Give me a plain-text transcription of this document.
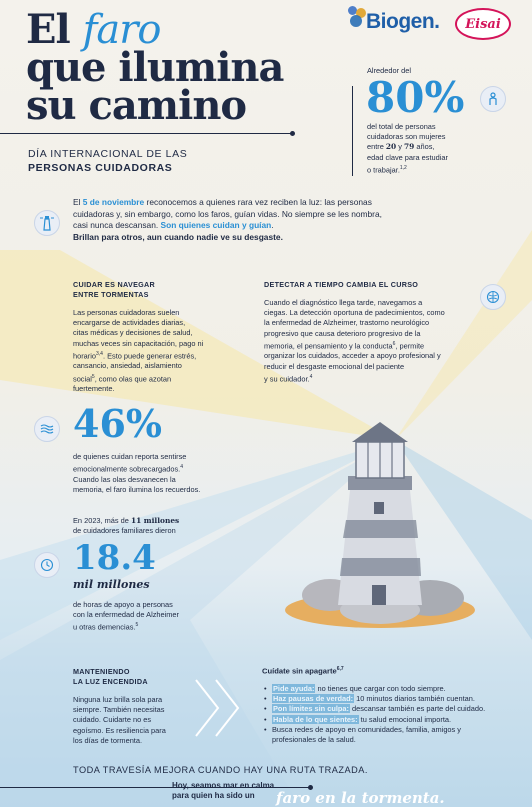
El faro
que ilumina
su camino
Biogen. Eisai
DÍA INTERNACIONAL DE LAS
PERSONAS CUIDADORAS
Alrededor del
80%
del total de personas
cuidadoras son mujeres
entre 20 y 79 años,
edad clave para estudiar
o trabajar.$^{1,2}$
El 5 de noviembre reconocemos a quienes rara vez reciben la luz: las personas
cuidadoras y, sin embargo, como los faros, guían vidas. No siempre se les nombra,
casi nunca descansan. Son quienes cuidan y guían.
Brillan para otros, aun cuando nadie ve su desgaste.
CUIDAR ES NAVEGAR
ENTRE TORMENTAS
Las personas cuidadoras suelen
encargarse de actividades diarias,
citas médicas y decisiones de salud,
muchas veces sin capacitación, pago ni
horario$^{3,4}$. Esto puede generar estrés,
cansancio, ansiedad, aislamiento
social$^5$, como olas que azotan
fuertemente.
DETECTAR A TIEMPO CAMBIA EL CURSO
Cuando el diagnóstico llega tarde, navegamos a
ciegas. La detección oportuna de padecimientos, como
la enfermedad de Alzheimer, trastorno neurológico
progresivo que causa deterioro progresivo de la
memoria, el pensamiento y la conducta$^6$, permite
organizar los cuidados, acceder a apoyo profesional y
reducir el desgaste emocional del paciente
y su cuidador.$^4$
46%
de quienes cuidan reporta sentirse
emocionalmente sobrecargados.$^4$
Cuando las olas desvanecen la
memoria, el faro ilumina los recuerdos.
En 2023, más de 11 millones
de cuidadores familiares dieron
18.4
mil millones
de horas de apoyo a personas
con la enfermedad de Alzheimer
u otras demencias.$^5$
MANTENIENDO
LA LUZ ENCENDIDA
Ninguna luz brilla sola para
siempre. También necesitas
cuidado. Cuidarte no es
egoísmo. Es resiliencia para
los días de tormenta.
Cuídate sin apagarte$^{6,7}$
• Pide ayuda: no tienes que cargar con todo siempre.
• Haz pausas de verdad: 10 minutos diarios también cuentan.
• Pon límites sin culpa: descansar también es parte del cuidado.
• Habla de lo que sientes: tu salud emocional importa.
• Busca redes de apoyo en comunidades, familia, amigos y
profesionales de la salud.
TODA TRAVESÍA MEJORA CUANDO HAY UNA RUTA TRAZADA.
Hoy, seamos mar en calma
para quien ha sido un	faro en la tormenta.
